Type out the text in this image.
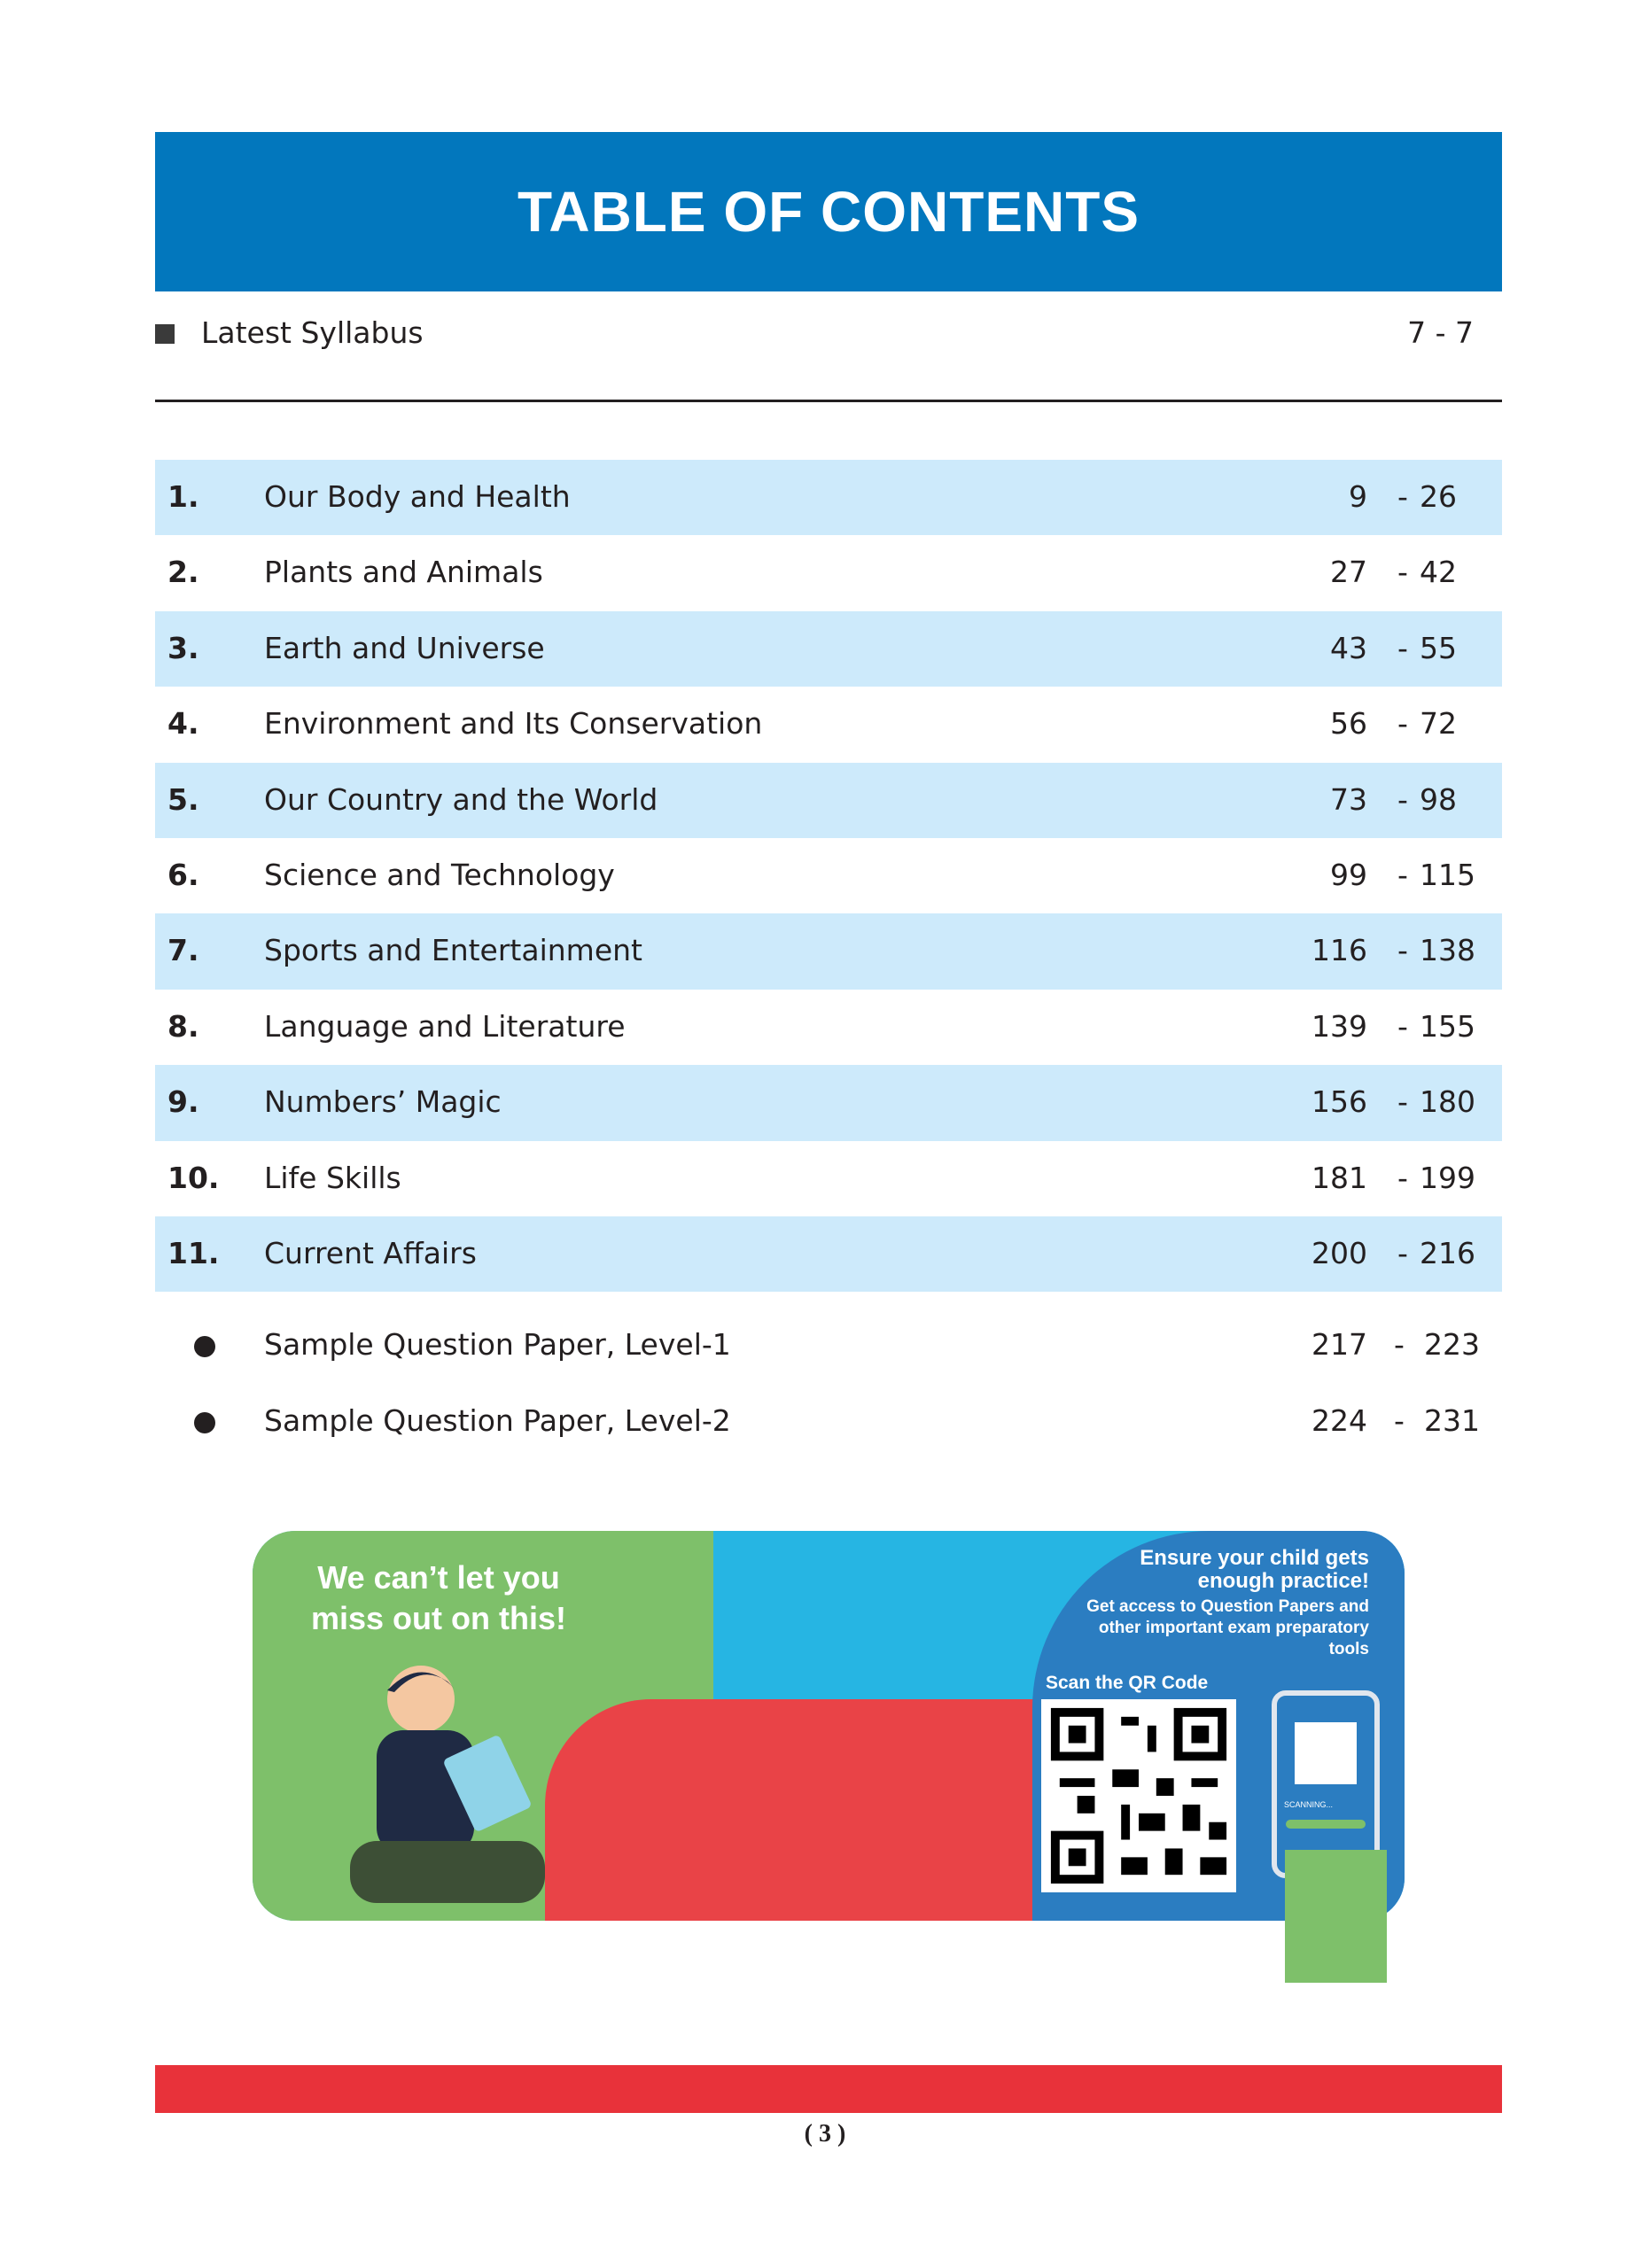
TABLE OF CONTENTS
Latest Syllabus	7 - 7
1. Our Body and Health	9 - 26
2. Plants and Animals	27 - 42
3. Earth and Universe	43 - 55
4. Environment and Its Conservation	56 - 72
5. Our Country and the World	73 - 98
6. Science and Technology	99 - 115
7. Sports and Entertainment	116 - 138
8. Language and Literature	139 - 155
9. Numbers’ Magic	156 - 180
10. Life Skills	181 - 199
11. Current Affairs	200 - 216
Sample Question Paper, Level-1	217 - 223
Sample Question Paper, Level-2	224 - 231
We can’t let you miss out on this!
Ensure your child gets enough practice!
Get access to Question Papers and other important exam preparatory tools
Scan the QR Code
SCANNING...
( 3 )
